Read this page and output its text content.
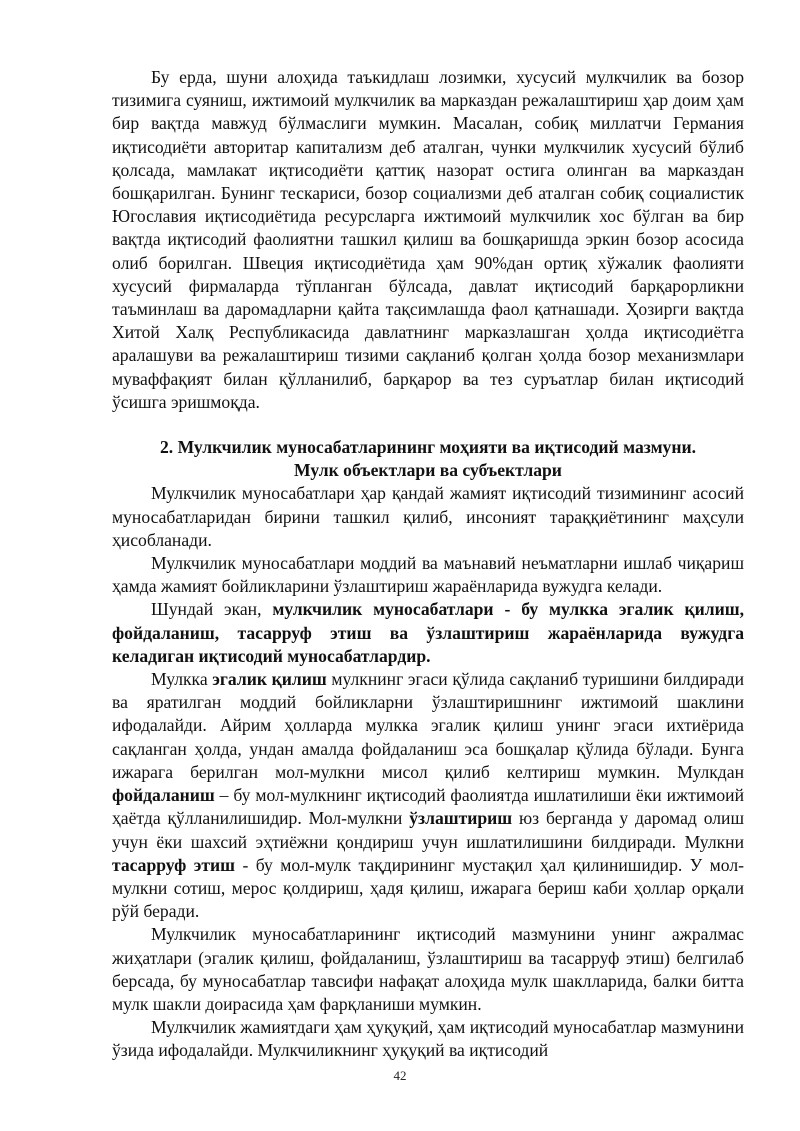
Бу ерда, шуни алоҳида таъкидлаш лозимки, хусусий мулкчилик ва бозор тизимига суяниш, ижтимоий мулкчилик ва марказдан режалаштириш ҳар доим ҳам бир вақтда мавжуд бўлмаслиги мумкин. Масалан, собиқ миллатчи Германия иқтисодиёти авторитар капитализм деб аталган, чунки мулкчилик хусусий бўлиб қолсада, мамлакат иқтисодиёти қаттиқ назорат остига олинган ва марказдан бошқарилган. Бунинг тескариси, бозор социализми деб аталган собиқ социалистик Югославия иқтисодиётида ресурсларга ижтимоий мулкчилик хос бўлган ва бир вақтда иқтисодий фаолиятни ташкил қилиш ва бошқаришда эркин бозор асосида олиб борилган. Швеция иқтисодиётида ҳам 90%дан ортиқ хўжалик фаолияти хусусий фирмаларда тўпланган бўлсада, давлат иқтисодий барқарорликни таъминлаш ва даромадларни қайта тақсимлашда фаол қатнашади. Ҳозирги вақтда Хитой Халқ Республикасида давлатнинг марказлашган ҳолда иқтисодиётга аралашуви ва режалаштириш тизими сақланиб қолган ҳолда бозор механизмлари муваффақият билан қўлланилиб, барқарор ва тез суръатлар билан иқтисодий ўсишга эришмоқда.

2. Мулкчилик муносабатларининг моҳияти ва иқтисодий мазмуни.
Мулк объектлари ва субъектлари

Мулкчилик муносабатлари ҳар қандай жамият иқтисодий тизимининг асосий муносабатларидан бирини ташкил қилиб, инсоният тараққиётининг маҳсули ҳисобланади.

Мулкчилик муносабатлари моддий ва маънавий неъматларни ишлаб чиқариш ҳамда жамият бойликларини ўзлаштириш жараёнларида вужудга келади.

Шундай экан, мулкчилик муносабатлари - бу мулкка эгалик қилиш, фойдаланиш, тасарруф этиш ва ўзлаштириш жараёнларида вужудга келадиган иқтисодий муносабатлардир.

Мулкка эгалик қилиш мулкнинг эгаси қўлида сақланиб туришини билдиради ва яратилган моддий бойликларни ўзлаштиришнинг ижтимоий шаклини ифодалайди. Айрим ҳолларда мулкка эгалик қилиш унинг эгаси ихтиёрида сақланган ҳолда, ундан амалда фойдаланиш эса бошқалар қўлида бўлади. Бунга ижарага берилган мол-мулкни мисол қилиб келтириш мумкин. Мулкдан фойдаланиш – бу мол-мулкнинг иқтисодий фаолиятда ишлатилиши ёки ижтимоий ҳаётда қўлланилишидир. Мол-мулкни ўзлаштириш юз берганда у даромад олиш учун ёки шахсий эҳтиёжни қондириш учун ишлатилишини билдиради. Мулкни тасарруф этиш - бу мол-мулк тақдирининг мустақил ҳал қилинишидир. У мол-мулкни сотиш, мерос қолдириш, ҳадя қилиш, ижарага бериш каби ҳоллар орқали рўй беради.

Мулкчилик муносабатларининг иқтисодий мазмунини унинг ажралмас жиҳатлари (эгалик қилиш, фойдаланиш, ўзлаштириш ва тасарруф этиш) белгилаб берсада, бу муносабатлар тавсифи нафақат алоҳида мулк шаклларида, балки битта мулк шакли доирасида ҳам фарқланиши мумкин.

Мулкчилик жамиятдаги ҳам ҳуқуқий, ҳам иқтисодий муносабатлар мазмунини ўзида ифодалайди. Мулкчиликнинг ҳуқуқий ва иқтисодий

42
